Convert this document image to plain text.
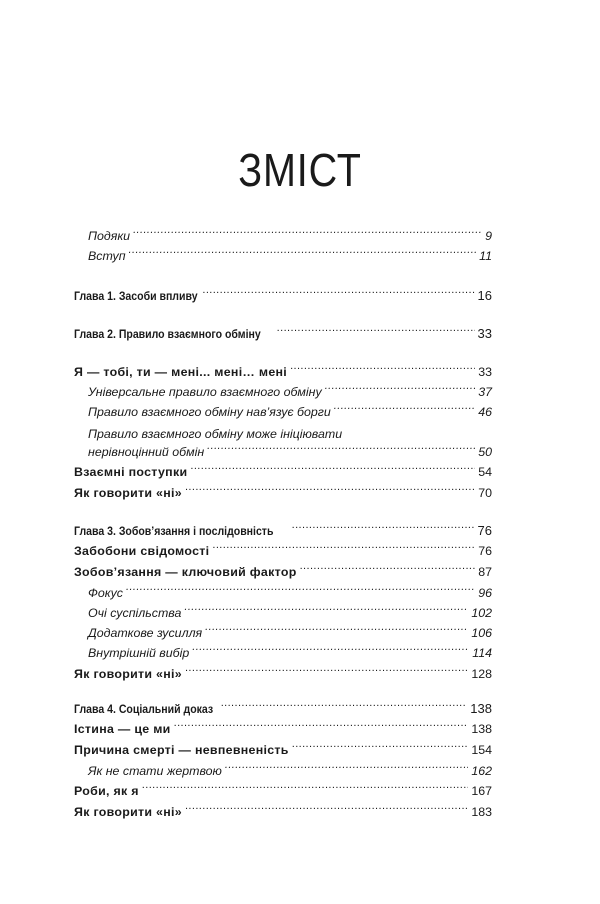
ЗМІСТ
Подяки .....	9
Вступ .....	11
Глава 1. Засоби впливу .....	16
Глава 2. Правило взаємного обміну .....	33
Я — тобі, ти — мені... мені… мені .....	33
Універсальне правило взаємного обміну .....	37
Правило взаємного обміну нав’язує борги .....	46
Правило взаємного обміну може ініціювати
нерівноцінний обмін .....	50
Взаємні поступки .....	54
Як говорити «ні» .....	70
Глава 3. Зобов’язання і послідовність .....	76
Забобони свідомості .....	76
Зобов’язання — ключовий фактор .....	87
Фокус .....	96
Очі суспільства .....	102
Додаткове зусилля .....	106
Внутрішній вибір .....	114
Як говорити «ні» .....	128
Глава 4. Соціальний доказ .....	138
Істина — це ми .....	138
Причина смерті — невпевненість .....	154
Як не стати жертвою .....	162
Роби, як я .....	167
Як говорити «ні» .....	183
